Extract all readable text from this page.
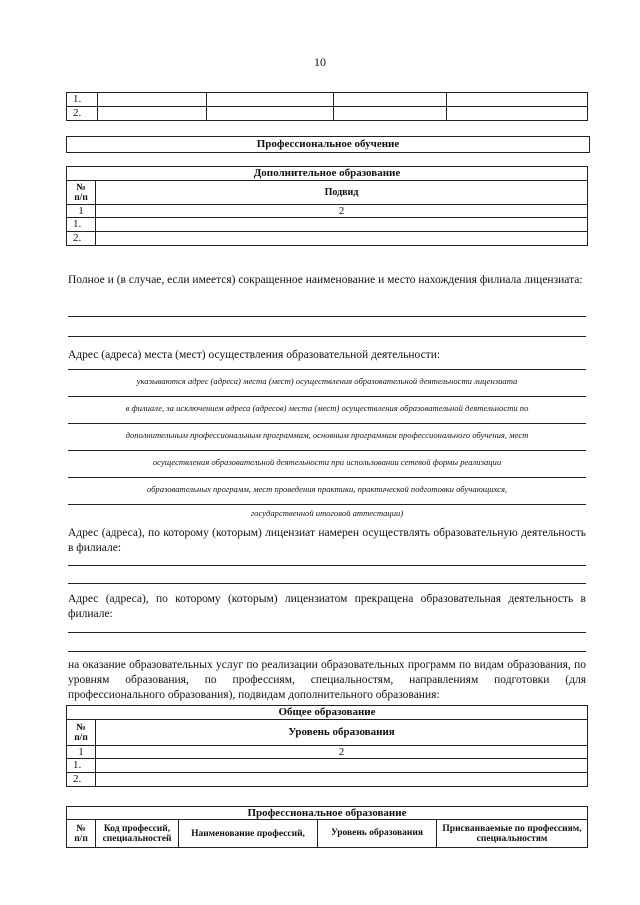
10
1.				
2.				
Профессиональное обучение
Дополнительное образование	
№
п/п	Подвид
1	2
1.	
2.	
Полное и (в случае, если имеется) сокращенное наименование и место нахождения филиала лицензиата:
Адрес (адреса) места (мест) осуществления образовательной деятельности:
указываются адрес (адреса) места (мест) осуществления образовательной деятельности лицензиата
в филиале, за исключением адреса (адресов) места (мест) осуществления образовательной деятельности по
дополнительным профессиональным программам, основным программам профессионального обучения, мест
осуществления образовательной деятельности при использовании сетевой формы реализации
образовательных программ, мест проведения практики, практической подготовки обучающихся,
государственной итоговой аттестации)
Адрес (адреса), по которому (которым) лицензиат намерен осуществлять образовательную деятельность в филиале:
Адрес (адреса), по которому (которым) лицензиатом прекращена образовательная деятельность в филиале:
на оказание образовательных услуг по реализации образовательных программ по видам образования, по уровням образования, по профессиям, специальностям, направлениям подготовки (для профессионального образования), подвидам дополнительного образования:
Общее образование	
№
п/п	Уровень образования
1	2
1.	
2.	
Профессиональное образование
№
п/п	Код профессий, специальностей	Наименование профессий,	Уровень образования	Присваиваемые по профессиям, специальностям
